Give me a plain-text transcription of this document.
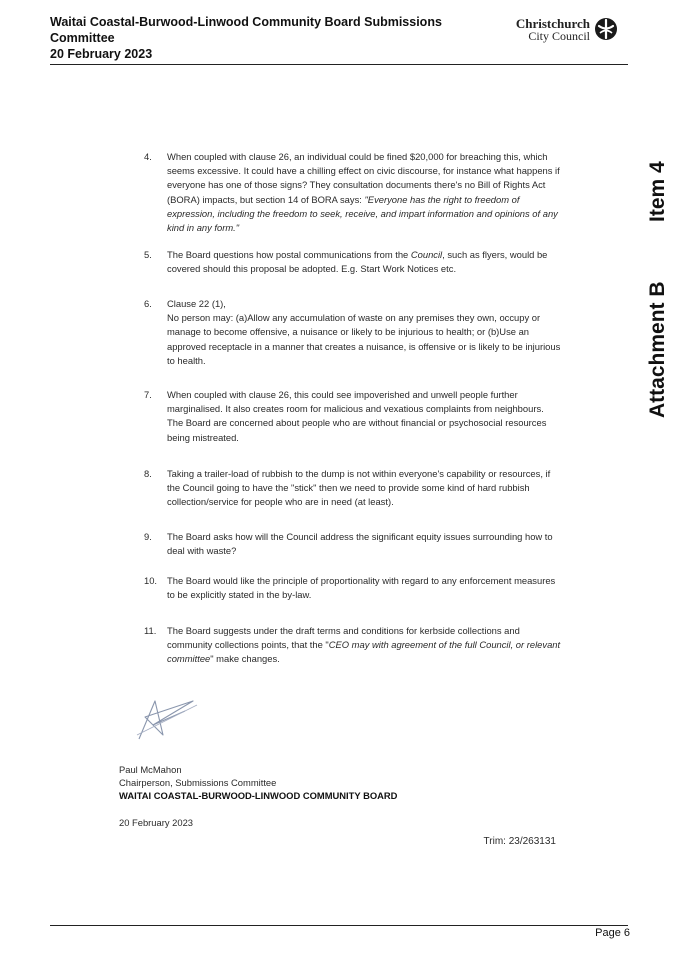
Waitai Coastal-Burwood-Linwood Community Board Submissions
Committee
20 February 2023
Christchurch
City Council
Item 4
Attachment B
4.	When coupled with clause 26, an individual could be fined $20,000 for breaching this, which seems excessive. It could have a chilling effect on civic discourse, for instance what happens if everyone has one of those signs? They consultation documents there's no Bill of Rights Act (BORA) impacts, but section 14 of BORA says: "Everyone has the right to freedom of expression, including the freedom to seek, receive, and impart information and opinions of any kind in any form."
5.	The Board questions how postal communications from the Council, such as flyers, would be covered should this proposal be adopted. E.g. Start Work Notices etc.
6.	Clause 22 (1),

No person may: (a)Allow any accumulation of waste on any premises they own, occupy or manage to become offensive, a nuisance or likely to be injurious to health; or (b)Use an approved receptacle in a manner that creates a nuisance, is offensive or is likely to be injurious to health.

7.	When coupled with clause 26, this could see impoverished and unwell people further marginalised. It also creates room for malicious and vexatious complaints from neighbours. The Board are concerned about people who are without financial or psychosocial resources being mistreated.
8.	Taking a trailer-load of rubbish to the dump is not within everyone's capability or resources, if the Council going to have the "stick" then we need to provide some kind of hard rubbish collection/service for people who are in need (at least).
9.	The Board asks how will the Council address the significant equity issues surrounding how to deal with waste?
10.	The Board would like the principle of proportionality with regard to any enforcement measures to be explicitly stated in the by-law.
11.	The Board suggests under the draft terms and conditions for kerbside collections and community collections points, that the "CEO may with agreement of the full Council, or relevant committee" make changes.
Paul McMahon
Chairperson, Submissions Committee
WAITAI COASTAL-BURWOOD-LINWOOD COMMUNITY BOARD
20 February 2023
Trim: 23/263131
Page 6
